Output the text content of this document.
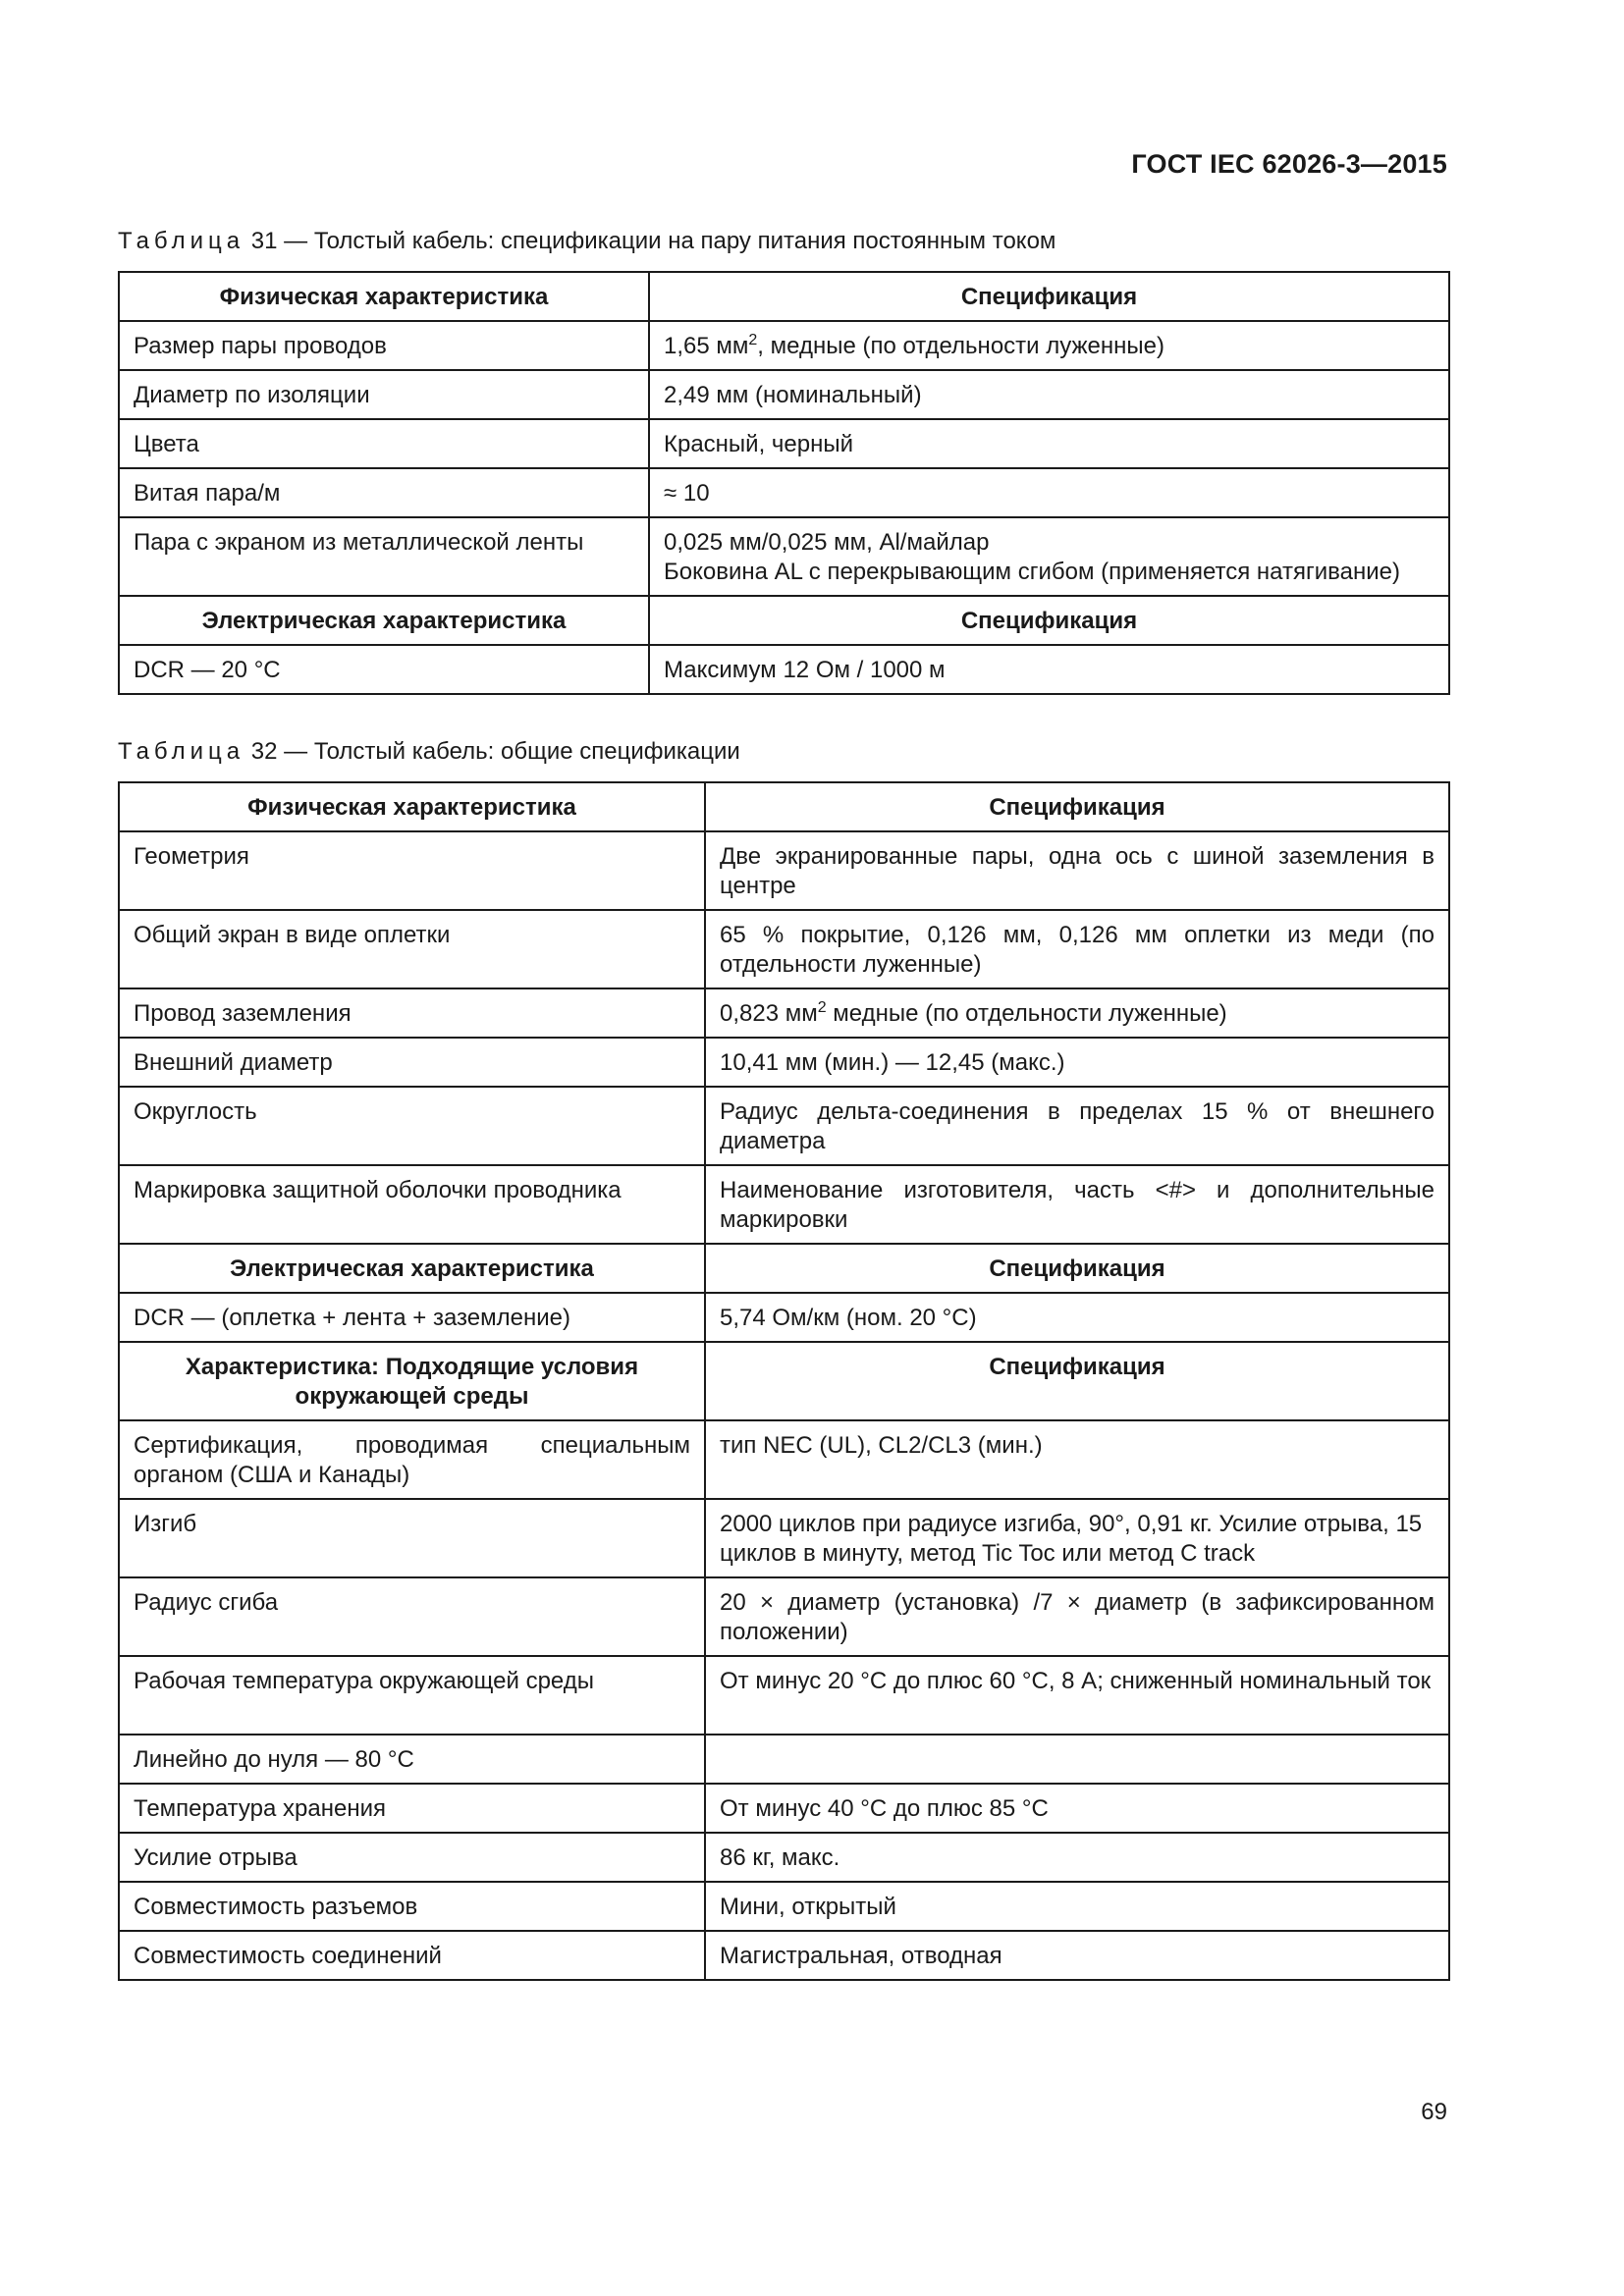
ГОСТ IEC 62026-3—2015
Таблица 31 — Толстый кабель: спецификации на пару питания постоянным током
Физическая характеристика	Спецификация
Размер пары проводов	1,65 $мм^2$, медные (по отдельности луженные)
Диаметр по изоляции	2,49 мм (номинальный)
Цвета	Красный, черный
Витая пара/м	≈ 10
Пара с экраном из металлической ленты	0,025 мм/0,025 мм, Al/майлар
Боковина AL с перекрывающим сгибом (применяется натягивание)

Электрическая характеристика	Спецификация
DCR — 20 °C	Максимум 12 Ом / 1000 м
Таблица 32 — Толстый кабель: общие спецификации
Физическая характеристика	Спецификация
Геометрия	Две экранированные пары, одна ось с шиной заземления в центре
Общий экран в виде оплетки	65 % покрытие, 0,126 мм, 0,126 мм оплетки из меди (по отдельности луженные)
Провод заземления	0,823 $мм^2$ медные (по отдельности луженные)
Внешний диаметр	10,41 мм (мин.) — 12,45 (макс.)
Округлость	Радиус дельта-соединения в пределах 15 % от внешнего диаметра
Маркировка защитной оболочки проводника	Наименование изготовителя, часть <#> и дополнительные маркировки
Электрическая характеристика	Спецификация
DCR — (оплетка + лента + заземление)	5,74 Ом/км (ном. 20 °C)
Характеристика: Подходящие условия окружающей среды	Спецификация
Сертификация, проводимая специальным органом (США и Канады)	тип NEC (UL), CL2/CL3 (мин.)
Изгиб	2000 циклов при радиусе изгиба, 90°, 0,91 кг. Усилие отрыва, 15 циклов в минуту, метод Tic Toc или метод C track
Радиус сгиба	20 × диаметр (установка) /7 × диаметр (в зафиксированном положении)
Рабочая температура окружающей среды	От минус 20 °C до плюс 60 °C, 8 А; сниженный номинальный ток
Линейно до нуля — 80 °C	
Температура хранения	От минус 40 °C до плюс 85 °C
Усилие отрыва	86 кг, макс.
Совместимость разъемов	Мини, открытый
Совместимость соединений	Магистральная, отводная
69
